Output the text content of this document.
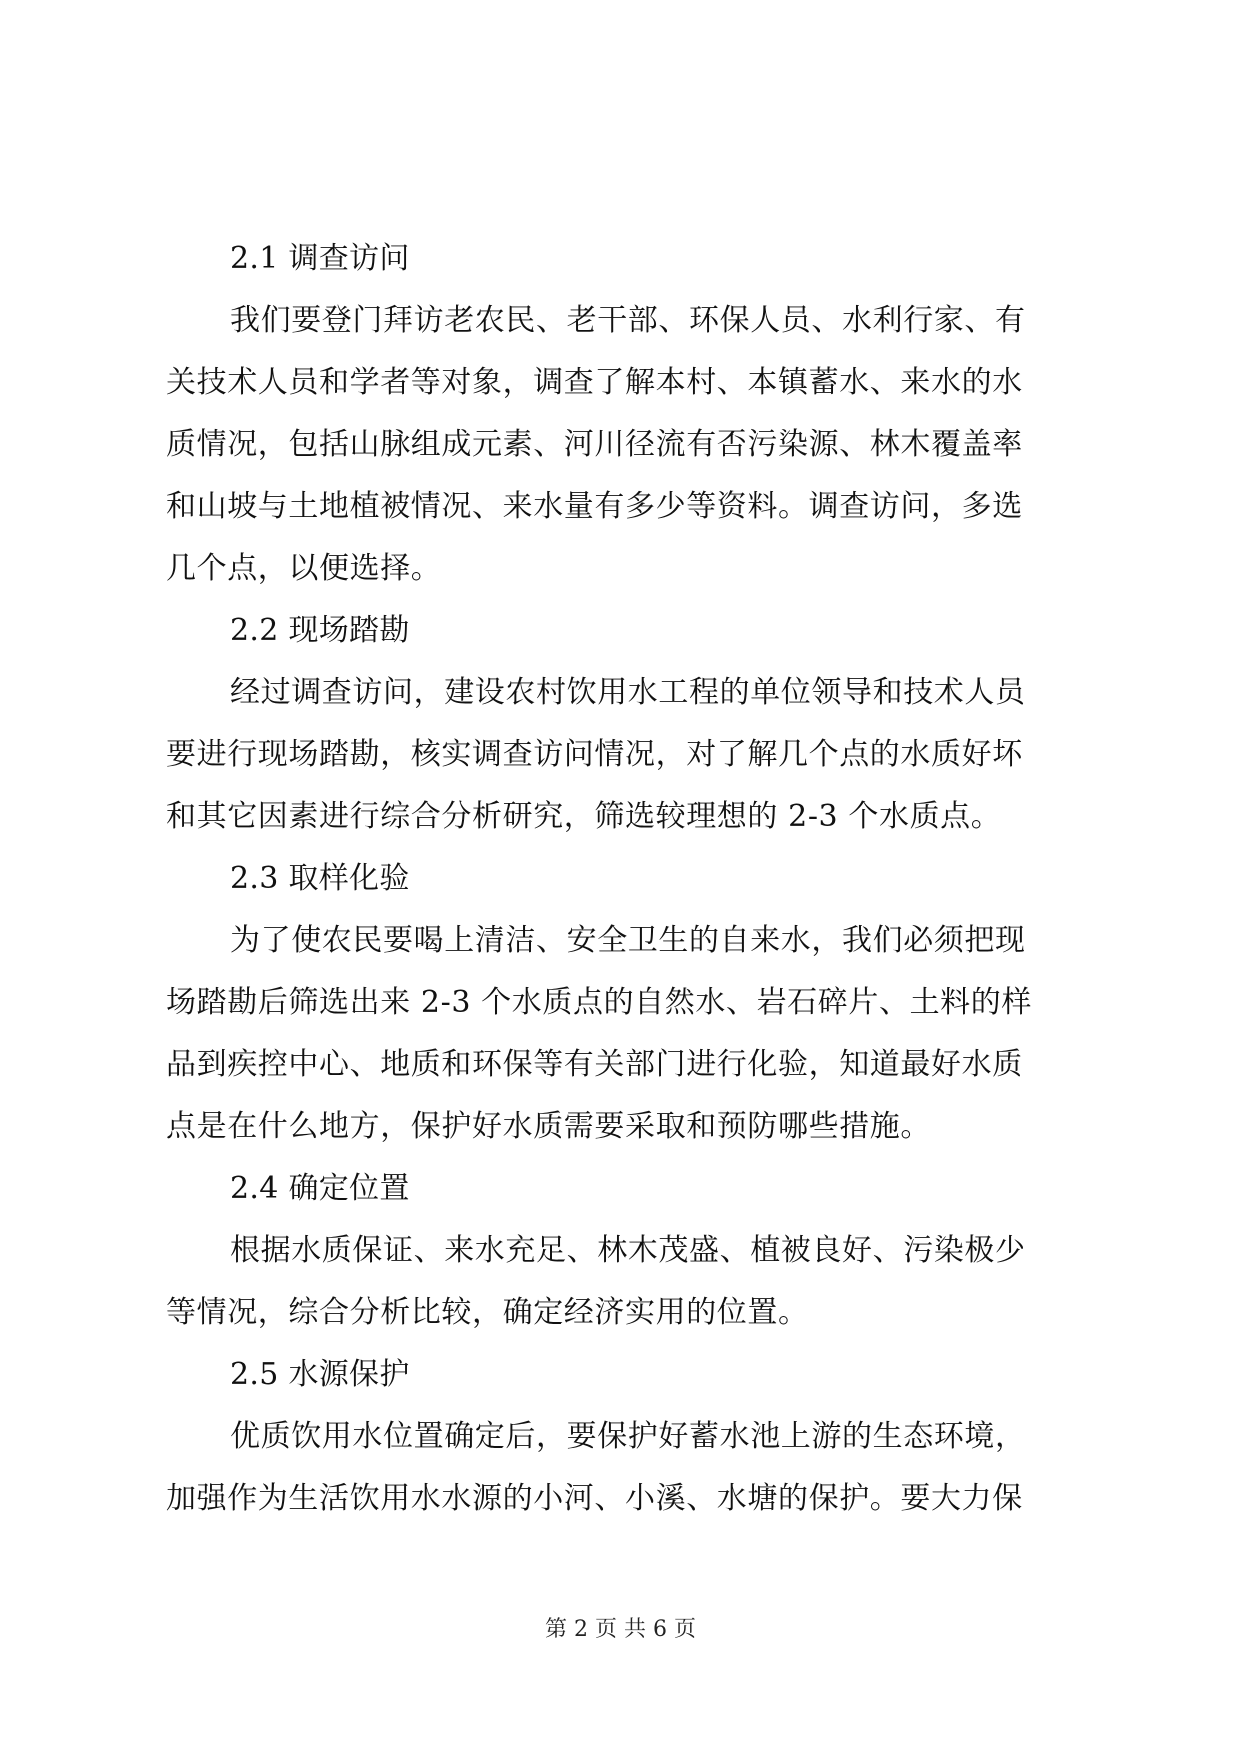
2.1 调查访问
我们要登门拜访老农民、老干部、环保人员、水利行家、有
关技术人员和学者等对象，调查了解本村、本镇蓄水、来水的水
质情况，包括山脉组成元素、河川径流有否污染源、林木覆盖率
和山坡与土地植被情况、来水量有多少等资料。调查访问，多选
几个点，以便选择。
2.2 现场踏勘
经过调查访问，建设农村饮用水工程的单位领导和技术人员
要进行现场踏勘，核实调查访问情况，对了解几个点的水质好坏
和其它因素进行综合分析研究，筛选较理想的 2-3 个水质点。
2.3 取样化验
为了使农民要喝上清洁、安全卫生的自来水，我们必须把现
场踏勘后筛选出来 2-3 个水质点的自然水、岩石碎片、土料的样
品到疾控中心、地质和环保等有关部门进行化验，知道最好水质
点是在什么地方，保护好水质需要采取和预防哪些措施。
2.4 确定位置
根据水质保证、来水充足、林木茂盛、植被良好、污染极少
等情况，综合分析比较，确定经济实用的位置。
2.5 水源保护
优质饮用水位置确定后，要保护好蓄水池上游的生态环境，
加强作为生活饮用水水源的小河、小溪、水塘的保护。要大力保
第 2 页 共 6 页
